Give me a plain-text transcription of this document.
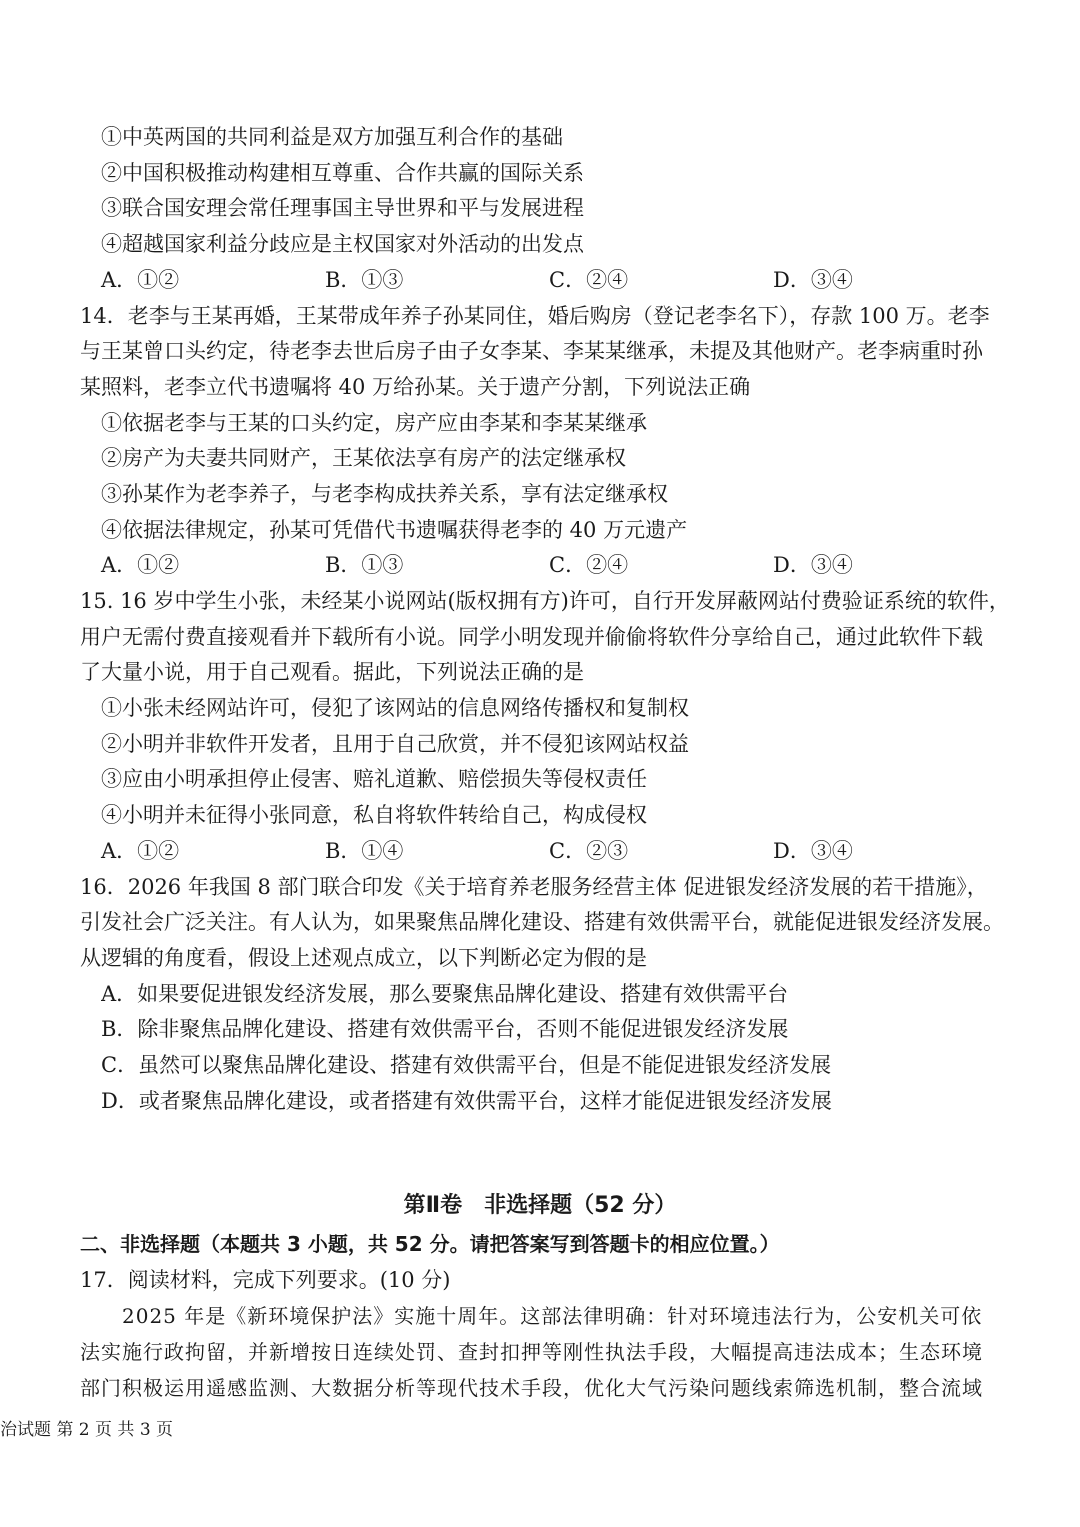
①中英两国的共同利益是双方加强互利合作的基础
②中国积极推动构建相互尊重、合作共赢的国际关系
③联合国安理会常任理事国主导世界和平与发展进程
④超越国家利益分歧应是主权国家对外活动的出发点
A．①②	B．①③	C．②④	D．③④
14．老李与王某再婚，王某带成年养子孙某同住，婚后购房（登记老李名下），存款 100 万。老李
与王某曾口头约定，待老李去世后房子由子女李某、李某某继承，未提及其他财产。老李病重时孙
某照料，老李立代书遗嘱将 40 万给孙某。关于遗产分割，下列说法正确
①依据老李与王某的口头约定，房产应由李某和李某某继承
②房产为夫妻共同财产，王某依法享有房产的法定继承权
③孙某作为老李养子，与老李构成扶养关系，享有法定继承权
④依据法律规定，孙某可凭借代书遗嘱获得老李的 40 万元遗产
A．①②	B．①③	C．②④	D．③④
15. 16 岁中学生小张，未经某小说网站(版权拥有方)许可，自行开发屏蔽网站付费验证系统的软件，
用户无需付费直接观看并下载所有小说。同学小明发现并偷偷将软件分享给自己，通过此软件下载
了大量小说，用于自己观看。据此，下列说法正确的是
①小张未经网站许可，侵犯了该网站的信息网络传播权和复制权
②小明并非软件开发者，且用于自己欣赏，并不侵犯该网站权益
③应由小明承担停止侵害、赔礼道歉、赔偿损失等侵权责任
④小明并未征得小张同意，私自将软件转给自己，构成侵权
A．①②	B．①④	C．②③	D．③④
16．2026 年我国 8 部门联合印发《关于培育养老服务经营主体 促进银发经济发展的若干措施》，
引发社会广泛关注。有人认为，如果聚焦品牌化建设、搭建有效供需平台，就能促进银发经济发展。
从逻辑的角度看，假设上述观点成立，以下判断必定为假的是
A．如果要促进银发经济发展，那么要聚焦品牌化建设、搭建有效供需平台
B．除非聚焦品牌化建设、搭建有效供需平台，否则不能促进银发经济发展
C．虽然可以聚焦品牌化建设、搭建有效供需平台，但是不能促进银发经济发展
D．或者聚焦品牌化建设，或者搭建有效供需平台，这样才能促进银发经济发展
第Ⅱ卷　非选择题（52 分）
二、非选择题（本题共 3 小题，共 52 分。请把答案写到答题卡的相应位置。）
17．阅读材料，完成下列要求。(10 分)
2025 年是《新环境保护法》实施十周年。这部法律明确：针对环境违法行为，公安机关可依
法实施行政拘留，并新增按日连续处罚、查封扣押等刚性执法手段，大幅提高违法成本；生态环境
部门积极运用遥感监测、大数据分析等现代技术手段，优化大气污染问题线索筛选机制，整合流域
治试题 第 2 页 共 3 页
